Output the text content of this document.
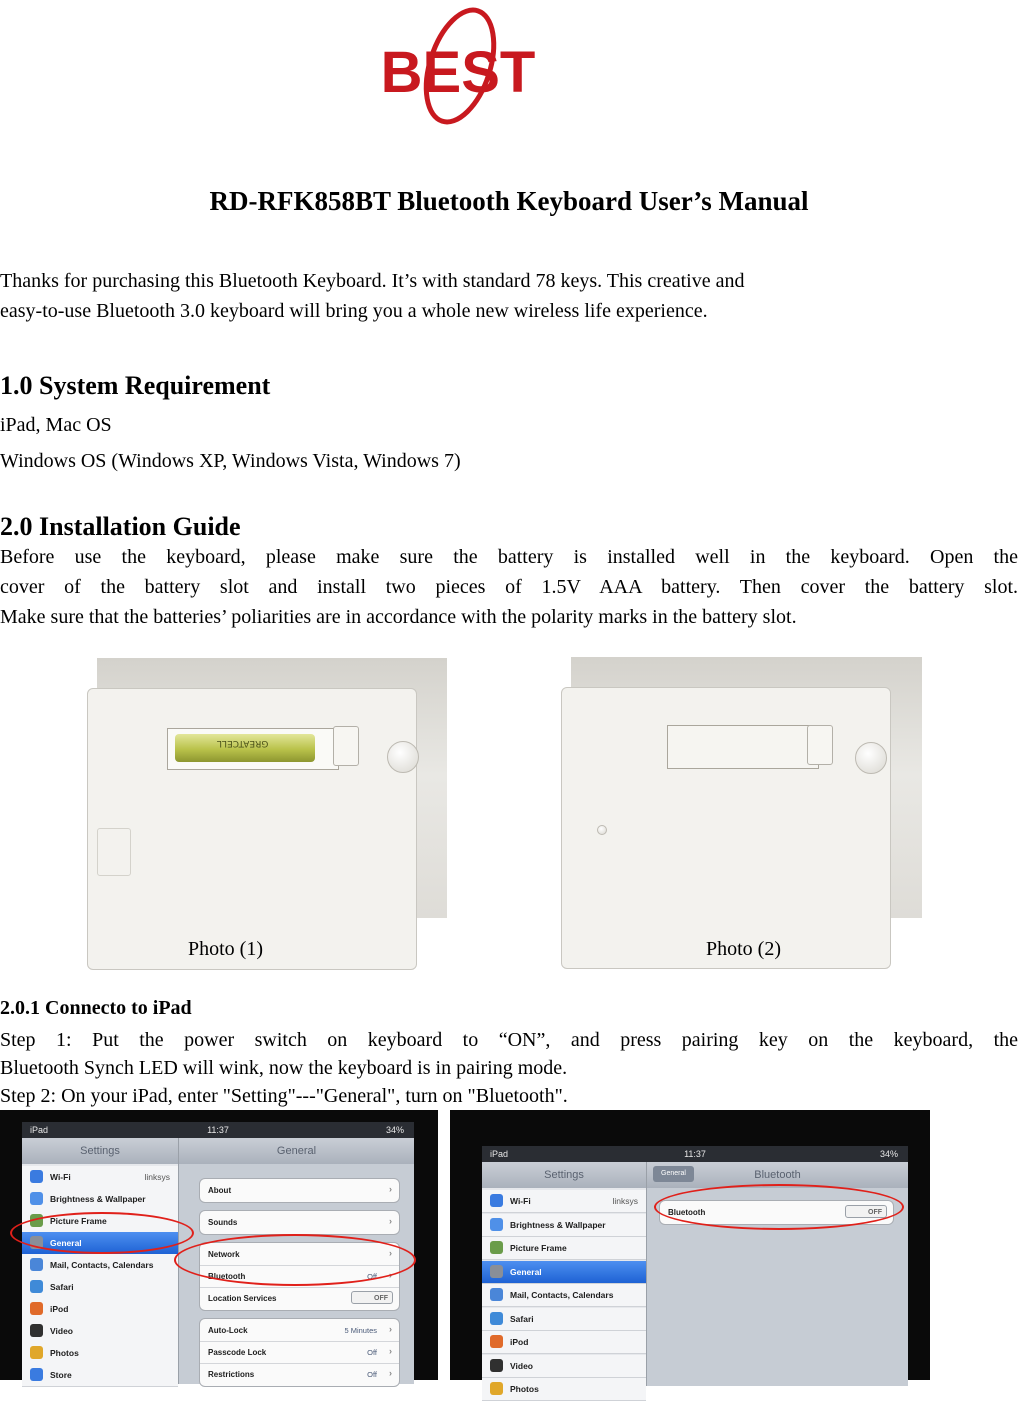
BEST
RD-RFK858BT Bluetooth Keyboard User’s Manual
Thanks for purchasing this Bluetooth Keyboard. It’s with standard 78 keys. This creative and
easy-to-use Bluetooth 3.0 keyboard will bring you a whole new wireless life experience.
1.0 System Requirement
iPad, Mac OS
Windows OS (Windows XP, Windows Vista, Windows 7)
2.0 Installation Guide
Before use the keyboard, please make sure the battery is installed well in the keyboard. Open the
cover of the battery slot and install two pieces of 1.5V AAA battery. Then cover the battery slot.
Make sure that the batteries’ poliarities are in accordance with the polarity marks in the battery slot.
GREATCELL
Photo (1)	Photo (2)
2.0.1 Connecto to iPad
Step 1: Put the power switch on keyboard to “ON”, and press pairing key on the keyboard, the
Bluetooth Synch LED will wink, now the keyboard is in pairing mode.
Step 2: On your iPad, enter "Setting"---"General", turn on "Bluetooth".
iPad	11:37	34%
Settings
Wi-Fi	linksys
Brightness & Wallpaper
Picture Frame
General
Mail, Contacts, Calendars
Safari
iPod
Video
Photos
Store
General
About	›
Sounds	›
Network	›
Bluetooth	Off ›
Location Services	OFF
Auto-Lock	5 Minutes ›
Passcode Lock	Off ›
Restrictions	Off ›
iPad	11:37	34%
Settings
Wi-Fi	linksys
Brightness & Wallpaper
Picture Frame
General
Mail, Contacts, Calendars
Safari
iPod
Video
Photos
Bluetooth
General
Bluetooth	OFF
